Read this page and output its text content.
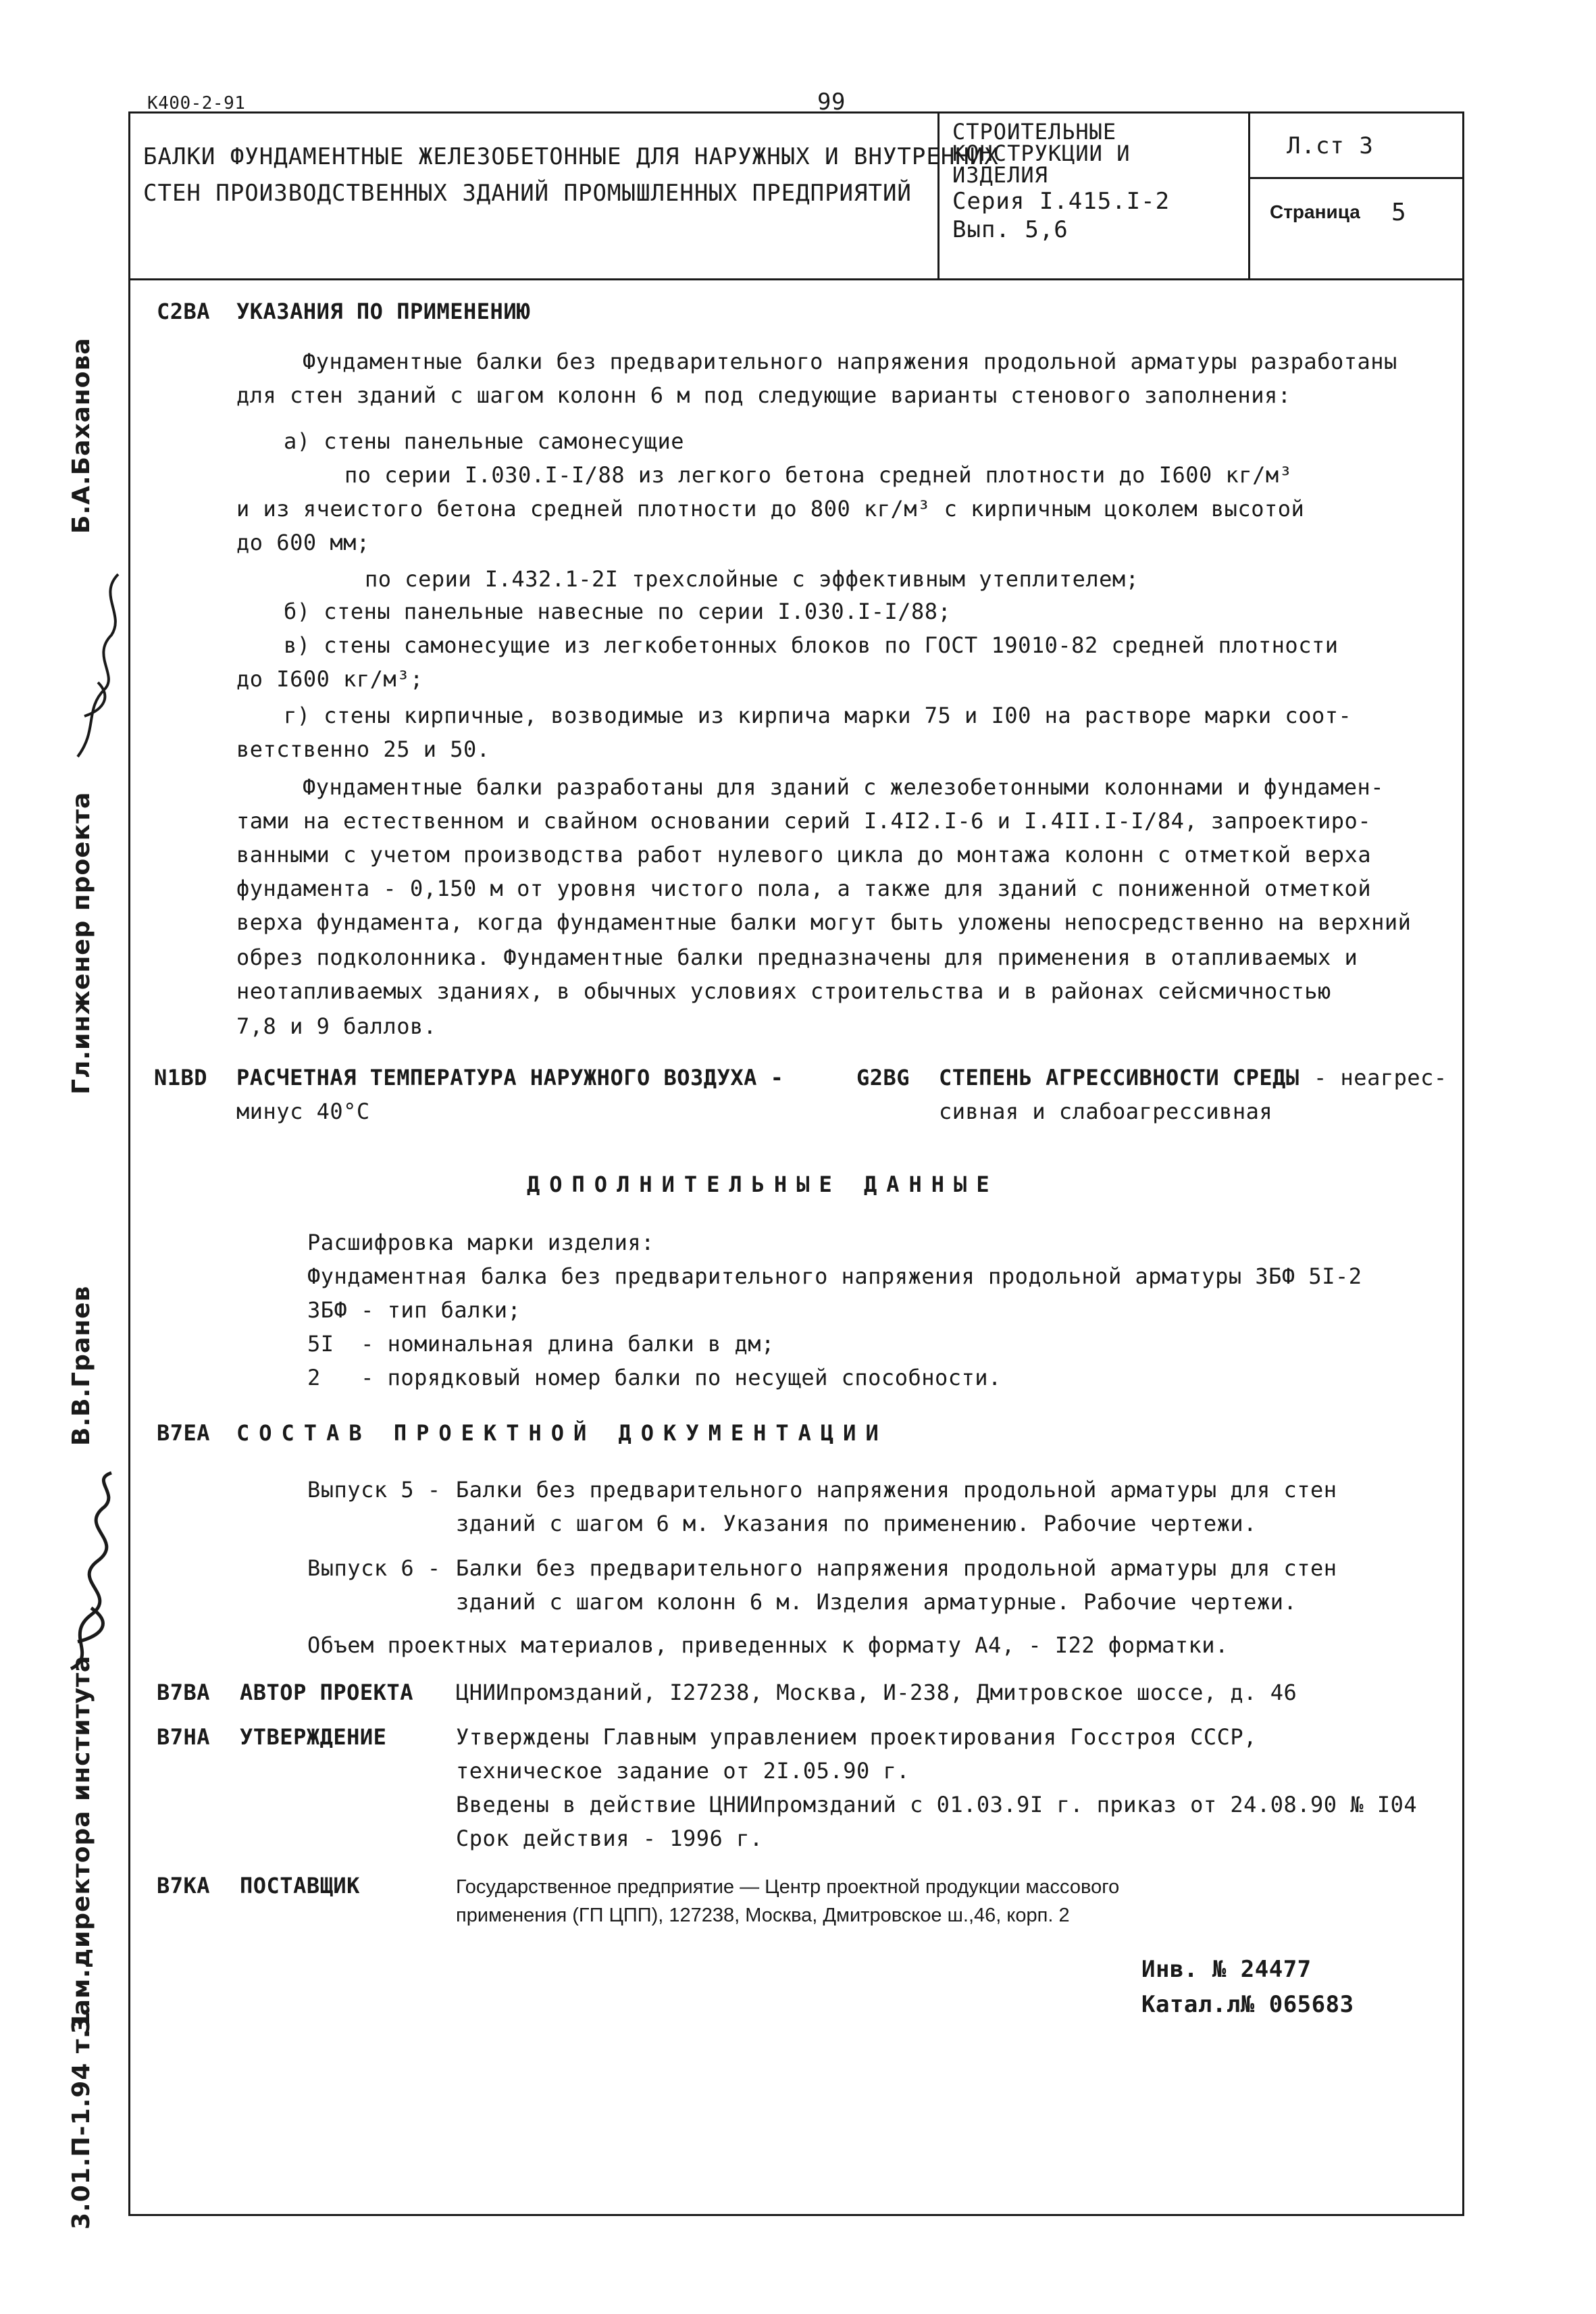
К400-2-91	99
БАЛКИ ФУНДАМЕНТНЫЕ ЖЕЛЕЗОБЕТОННЫЕ ДЛЯ НАРУЖНЫХ И ВНУТРЕННИХ
СТЕН ПРОИЗВОДСТВЕННЫХ ЗДАНИЙ ПРОМЫШЛЕННЫХ ПРЕДПРИЯТИЙ
СТРОИТЕЛЬНЫЕ
КОНСТРУКЦИИ И
ИЗДЕЛИЯ
Серия I.415.I-2
Вып. 5,6
Л.ст 3
Страница 5
Б.А.Баханова
Гл.инженер проекта
В.В.Гранев
Зам.директора института
3.01.П-1.94 т.1
С2ВА УКАЗАНИЯ ПО ПРИМЕНЕНИЮ
Фундаментные балки без предварительного напряжения продольной арматуры разработаны
для стен зданий с шагом колонн 6 м под следующие варианты стенового заполнения:
а) стены панельные самонесущие
по серии I.030.I-I/88 из легкого бетона средней плотности до I600 кг/м³
и из ячеистого бетона средней плотности до 800 кг/м³ с кирпичным цоколем высотой
до 600 мм;
по серии I.432.1-2I трехслойные с эффективным утеплителем;
б) стены панельные навесные по серии I.030.I-I/88;
в) стены самонесущие из легкобетонных блоков по ГОСТ 19010-82 средней плотности
до I600 кг/м³;
г) стены кирпичные, возводимые из кирпича марки 75 и I00 на растворе марки соот-
ветственно 25 и 50.
Фундаментные балки разработаны для зданий с железобетонными колоннами и фундамен-
тами на естественном и свайном основании серий I.4I2.I-6 и I.4II.I-I/84, запроектиро-
ванными с учетом производства работ нулевого цикла до монтажа колонн с отметкой верха
фундамента - 0,150 м от уровня чистого пола, а также для зданий с пониженной отметкой
верха фундамента, когда фундаментные балки могут быть уложены непосредственно на верхний
обрез подколонника. Фундаментные балки предназначены для применения в отапливаемых и
неотапливаемых зданиях, в обычных условиях строительства и в районах сейсмичностью
7,8 и 9 баллов.
N1ВD РАСЧЕТНАЯ ТЕМПЕРАТУРА НАРУЖНОГО ВОЗДУХА -
минус 40°С
G2ВG СТЕПЕНЬ АГРЕССИВНОСТИ СРЕДЫ - неагрес-
сивная и слабоагрессивная
ДОПОЛНИТЕЛЬНЫЕ ДАННЫЕ
Расшифровка марки изделия:
Фундаментная балка без предварительного напряжения продольной арматуры 3БФ 5I-2
3БФ - тип балки;
5I  - номинальная длина балки в дм;
2   - порядковый номер балки по несущей способности.
В7ЕА СОСТАВ ПРОЕКТНОЙ ДОКУМЕНТАЦИИ
Выпуск 5 - Балки без предварительного напряжения продольной арматуры для стен
зданий с шагом 6 м. Указания по применению. Рабочие чертежи.
Выпуск 6 - Балки без предварительного напряжения продольной арматуры для стен
зданий с шагом колонн 6 м. Изделия арматурные. Рабочие чертежи.
Объем проектных материалов, приведенных к формату А4, - I22 форматки.
В7ВА АВТОР ПРОЕКТА ЦНИИпромзданий, I27238, Москва, И-238, Дмитровское шоссе, д. 46
В7НА УТВЕРЖДЕНИЕ	Утверждены Главным управлением проектирования Госстроя СССР,
техническое задание от 2I.05.90 г.
Введены в действие ЦНИИпромзданий с 01.03.9I г. приказ от 24.08.90 № I04
Срок действия - 1996 г.
В7КА ПОСТАВЩИК	Государственное предприятие — Центр проектной продукции массового
применения (ГП ЦПП), 127238, Москва, Дмитровское ш.,46, корп. 2
Инв. № 24477
Катал.л№ 065683
